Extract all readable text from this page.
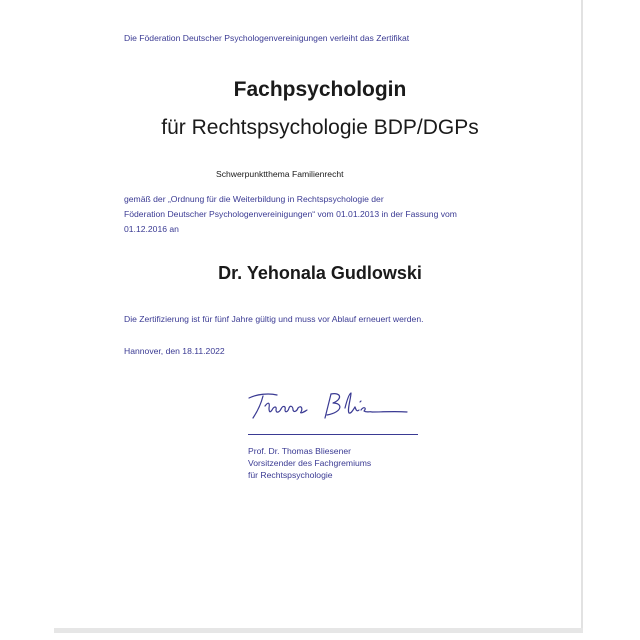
Die Föderation Deutscher Psychologenvereinigungen verleiht das Zertifikat
Fachpsychologin
für Rechtspsychologie BDP/DGPs
Schwerpunktthema Familienrecht
gemäß der „Ordnung für die Weiterbildung in Rechtspsychologie der
Föderation Deutscher Psychologenvereinigungen“ vom 01.01.2013 in der Fassung vom
01.12.2016 an
Dr. Yehonala Gudlowski
Die Zertifizierung ist für fünf Jahre gültig und muss vor Ablauf erneuert werden.
Hannover, den 18.11.2022
Prof. Dr. Thomas Bliesener
Vorsitzender des Fachgremiums
für Rechtspsychologie
